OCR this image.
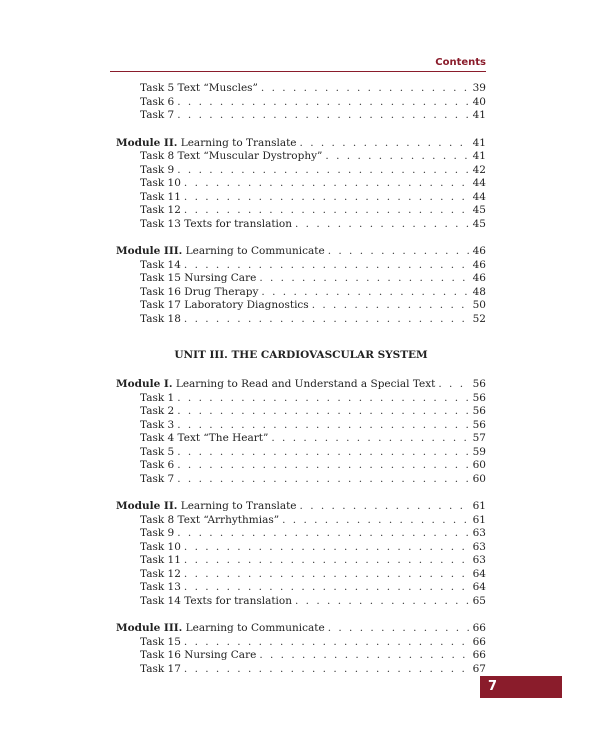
Contents
Task 5 Text “Muscles” . . .	39
Task 6 . . .	40
Task 7 . . .	41
Module II. Learning to Translate . . .	41
Task 8 Text “Muscular Dystrophy” . . .	41
Task 9 . . .	42
Task 10 . . .	44
Task 11 . . .	44
Task 12 . . .	45
Task 13 Texts for translation . . .	45
Module III. Learning to Communicate . . .	46
Task 14 . . .	46
Task 15 Nursing Care . . .	46
Task 16 Drug Therapy . . .	48
Task 17 Laboratory Diagnostics . . .	50
Task 18 . . .	52
UNIT III. THE CARDIOVASCULAR SYSTEM
Module I. Learning to Read and Understand a Special Text . . .	56
Task 1 . . .	56
Task 2 . . .	56
Task 3 . . .	56
Task 4 Text “The Heart” . . .	57
Task 5 . . .	59
Task 6 . . .	60
Task 7 . . .	60
Module II. Learning to Translate . . .	61
Task 8 Text “Arrhythmias” . . .	61
Task 9 . . .	63
Task 10 . . .	63
Task 11 . . .	63
Task 12 . . .	64
Task 13 . . .	64
Task 14 Texts for translation . . .	65
Module III. Learning to Communicate . . .	66
Task 15 . . .	66
Task 16 Nursing Care . . .	66
Task 17 . . .	67
7
